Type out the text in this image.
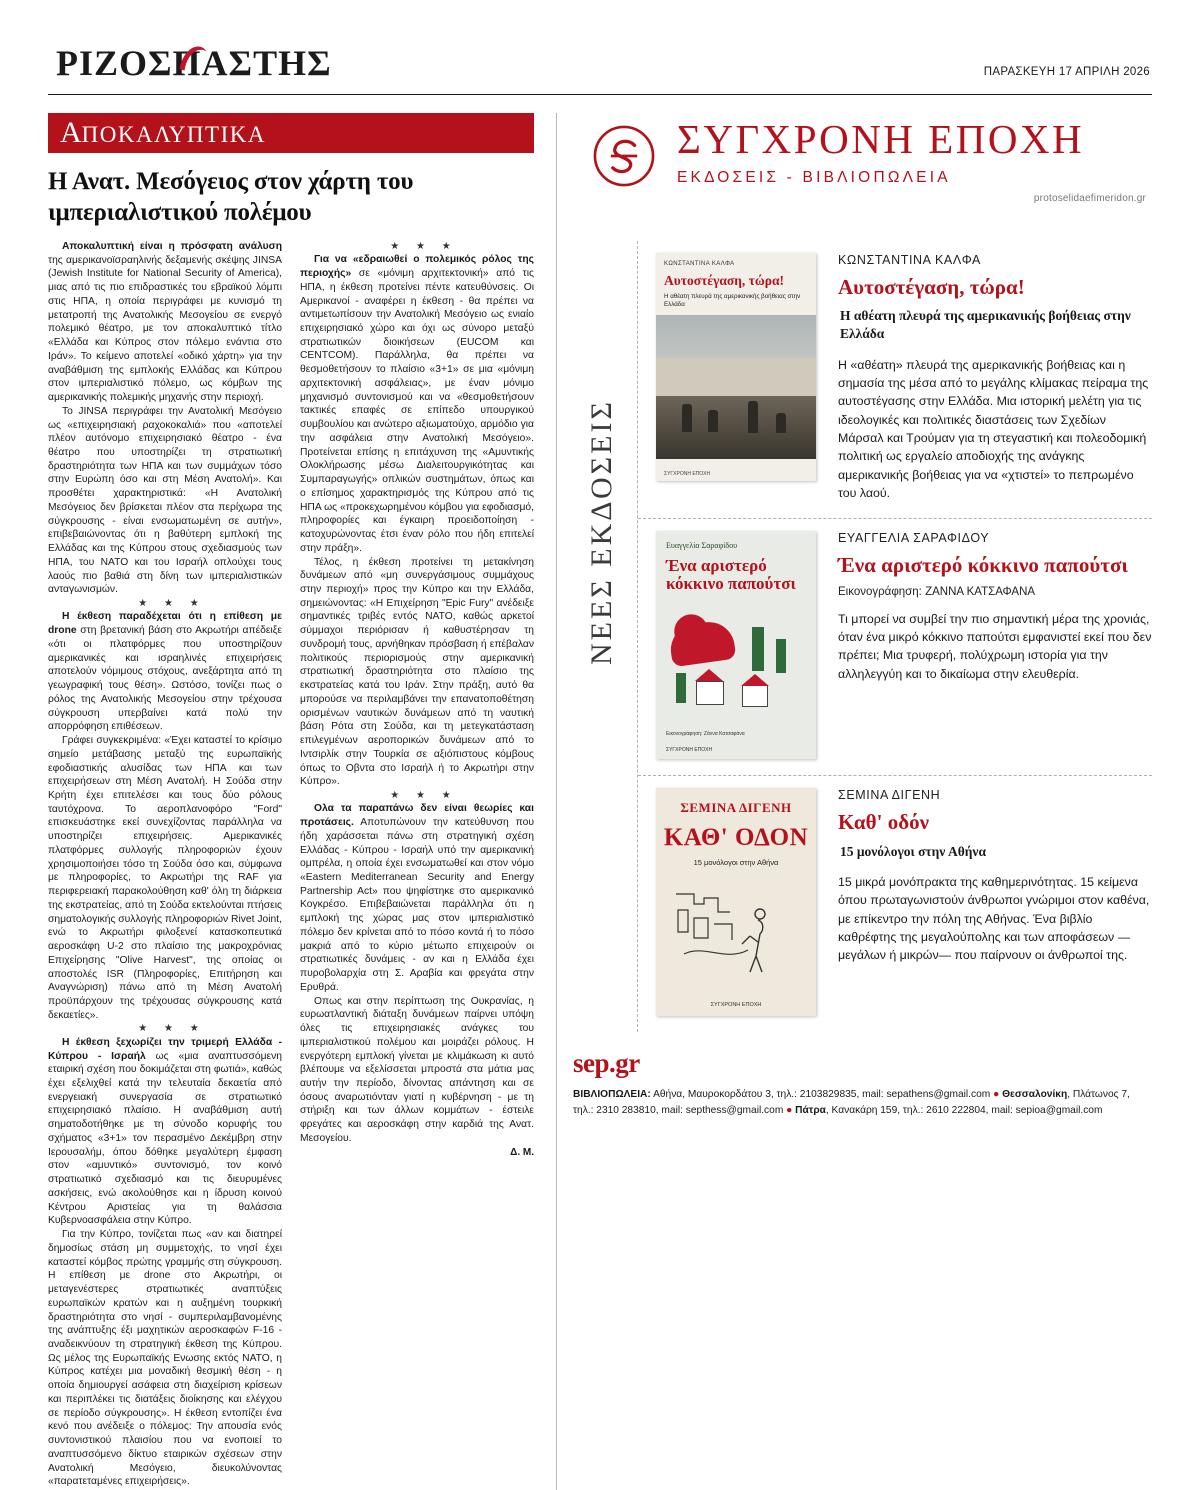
ΡΙΖΟΣΠΑΣΤΗΣ	ΠΑΡΑΣΚΕΥΗ 17 ΑΠΡΙΛΗ 2026
Α ΠΟΚΑΛΥΠΤΙΚΑ
Η Ανατ. Μεσόγειος στον χάρτη του ιμπεριαλιστικού πολέμου

Αποκαλυπτική είναι η πρόσφατη ανάλυση της αμερικανοϊσραηλινής δεξαμενής σκέψης JINSA (Jewish Institute for National Security of America), μιας από τις πιο επιδραστικές του εβραϊκού λόμπι στις ΗΠΑ, η οποία περιγράφει με κυνισμό τη μετατροπή της Ανατολικής Μεσογείου σε ενεργό πολεμικό θέατρο, με τον αποκαλυπτικό τίτλο «Ελλάδα και Κύπρος στον πόλεμο ενάντια στο Ιράν». Το κείμενο αποτελεί «οδικό χάρτη» για την αναβάθμιση της εμπλοκής Ελλάδας και Κύπρου στον ιμπεριαλιστικό πόλεμο, ως κόμβων της αμερικανικής πολεμικής μηχανής στην περιοχή.

Το JINSA περιγράφει την Ανατολική Μεσόγειο ως «επιχειρησιακή ραχοκοκαλιά» που «αποτελεί πλέον αυτόνομο επιχειρησιακό θέατρο - ένα θέατρο που υποστηρίζει τη στρατιωτική δραστηριότητα των ΗΠΑ και των συμμάχων τόσο στην Ευρώπη όσο και στη Μέση Ανατολή». Και προσθέτει χαρακτηριστικά: «Η Ανατολική Μεσόγειος δεν βρίσκεται πλέον στα περίχωρα της σύγκρουσης - είναι ενσωματωμένη σε αυτήν», επιβεβαιώνοντας ότι η βαθύτερη εμπλοκή της Ελλάδας και της Κύπρου στους σχεδιασμούς των ΗΠΑ, του ΝΑΤΟ και του Ισραήλ οπλούχει τους λαούς πιο βαθιά στη δίνη των ιμπεριαλιστικών ανταγωνισμών.

★ ★ ★

Η έκθεση παραδέχεται ότι η επίθεση με drone στη βρετανική βάση στο Ακρωτήρι απέδειξε «ότι οι πλατφόρμες που υποστηρίζουν αμερικανικές και ισραηλινές επιχειρήσεις αποτελούν νόμιμους στόχους, ανεξάρτητα από τη γεωγραφική τους θέση». Ωστόσο, τονίζει πως ο ρόλος της Ανατολικής Μεσογείου στην τρέχουσα σύγκρουση υπερβαίνει κατά πολύ την απορρόφηση επιθέσεων.

Γράφει συγκεκριμένα: «Έχει καταστεί το κρίσιμο σημείο μετάβασης μεταξύ της ευρωπαϊκής εφοδιαστικής αλυσίδας των ΗΠΑ και των επιχειρήσεων στη Μέση Ανατολή. Η Σούδα στην Κρήτη έχει επιτελέσει και τους δύο ρόλους ταυτόχρονα. Το αεροπλανοφόρο "Ford" επισκευάστηκε εκεί συνεχίζοντας παράλληλα να υποστηρίζει επιχειρήσεις. Αμερικανικές πλατφόρμες συλλογής πληροφοριών έχουν χρησιμοποιήσει τόσο τη Σούδα όσο και, σύμφωνα με πληροφορίες, το Ακρωτήρι της RAF για περιφερειακή παρακολούθηση καθ' όλη τη διάρκεια της εκστρατείας, από τη Σούδα εκτελούνται πτήσεις σηματολογικής συλλογής πληροφοριών Rivet Joint, ενώ το Ακρωτήρι φιλοξενεί κατασκοπευτικά αεροσκάφη U-2 στο πλαίσιο της μακροχρόνιας Επιχείρησης "Olive Harvest", της οποίας οι αποστολές ISR (Πληροφορίες, Επιτήρηση και Αναγνώριση) πάνω από τη Μέση Ανατολή προϋπάρχουν της τρέχουσας σύγκρουσης κατά δεκαετίες».

★ ★ ★

Η έκθεση ξεχωρίζει την τριμερή Ελλάδα - Κύπρου - Ισραήλ ως «μια αναπτυσσόμενη εταιρική σχέση που δοκιμάζεται στη φωτιά», καθώς έχει εξελιχθεί κατά την τελευταία δεκαετία από ενεργειακή συνεργασία σε στρατιωτικό επιχειρησιακό πλαίσιο. Η αναβάθμιση αυτή σηματοδοτήθηκε με τη σύνοδο κορυφής του σχήματος «3+1» τον περασμένο Δεκέμβρη στην Ιερουσαλήμ, όπου δόθηκε μεγαλύτερη έμφαση στον «αμυντικό» συντονισμό, τον κοινό στρατιωτικό σχεδιασμό και τις διευρυμένες ασκήσεις, ενώ ακολούθησε και η ίδρυση κοινού Κέντρου Αριστείας για τη θαλάσσια Κυβερνοασφάλεια στην Κύπρο.

Για την Κύπρο, τονίζεται πως «αν και διατηρεί δημοσίως στάση μη συμμετοχής, το νησί έχει καταστεί κόμβος πρώτης γραμμής στη σύγκρουση. Η επίθεση με drone στο Ακρωτήρι, οι μεταγενέστερες στρατιωτικές αναπτύξεις ευρωπαϊκών κρατών και η αυξημένη τουρκική δραστηριότητα στο νησί - συμπεριλαμβανομένης της ανάπτυξης έξι μαχητικών αεροσκαφών F-16 - αναδεικνύουν τη στρατηγική έκθεση της Κύπρου. Ως μέλος της Ευρωπαϊκής Ενωσης εκτός ΝΑΤΟ, η Κύπρος κατέχει μια μοναδική θεσμική θέση - η οποία δημιουργεί ασάφεια στη διαχείριση κρίσεων και περιπλέκει τις διατάξεις διοίκησης και ελέγχου σε περίοδο σύγκρουσης». Η έκθεση εντοπίζει ένα κενό που ανέδειξε ο πόλεμος: Την απουσία ενός συντονιστικού πλαισίου που να ενοποιεί το αναπτυσσόμενο δίκτυο εταιρικών σχέσεων στην Ανατολική Μεσόγειο, διευκολύνοντας «παρατεταμένες επιχειρήσεις».

★ ★ ★

Για να «εδραιωθεί ο πολεμικός ρόλος της περιοχής» σε «μόνιμη αρχιτεκτονική» από τις ΗΠΑ, η έκθεση προτείνει πέντε κατευθύνσεις. Οι Αμερικανοί - αναφέρει η έκθεση - θα πρέπει να αντιμετωπίσουν την Ανατολική Μεσόγειο ως ενιαίο επιχειρησιακό χώρο και όχι ως σύνορο μεταξύ στρατιωτικών διοικήσεων (EUCOM και CENTCOM). Παράλληλα, θα πρέπει να θεσμοθετήσουν το πλαίσιο «3+1» σε μια «μόνιμη αρχιτεκτονική ασφάλειας», με έναν μόνιμο μηχανισμό συντονισμού και να «θεσμοθετήσουν τακτικές επαφές σε επίπεδο υπουργικού συμβουλίου και ανώτερο αξιωματούχο, αρμόδιο για την ασφάλεια στην Ανατολική Μεσόγειο». Προτείνεται επίσης η επιτάχυνση της «Αμυντικής Ολοκλήρωσης μέσω Διαλειτουργικότητας και Συμπαραγωγής» οπλικών συστημάτων, όπως και ο επίσημος χαρακτηρισμός της Κύπρου από τις ΗΠΑ ως «προκεχωρημένου κόμβου για εφοδιασμό, πληροφορίες και έγκαιρη προειδοποίηση - κατοχυρώνοντας έτσι έναν ρόλο που ήδη επιτελεί στην πράξη».

Τέλος, η έκθεση προτείνει τη μετακίνηση δυνάμεων από «μη συνεργάσιμους συμμάχους στην περιοχή» προς την Κύπρο και την Ελλάδα, σημειώνοντας: «Η Επιχείρηση "Epic Fury" ανέδειξε σημαντικές τριβές εντός ΝΑΤΟ, καθώς αρκετοί σύμμαχοι περιόρισαν ή καθυστέρησαν τη συνδρομή τους, αρνήθηκαν πρόσβαση ή επέβαλαν πολιτικούς περιορισμούς στην αμερικανική στρατιωτική δραστηριότητα στο πλαίσιο της εκστρατείας κατά του Ιράν. Στην πράξη, αυτό θα μπορούσε να περιλαμβάνει την επανατοποθέτηση ορισμένων ναυτικών δυνάμεων από τη ναυτική βάση Ρότα στη Σούδα, και τη μετεγκατάσταση επιλεγμένων αεροπορικών δυνάμεων από το Ιντσιρλίκ στην Τουρκία σε αξιόπιστους κόμβους όπως το Οβντα στο Ισραήλ ή το Ακρωτήρι στην Κύπρο».

★ ★ ★

Ολα τα παραπάνω δεν είναι θεωρίες και προτάσεις. Αποτυπώνουν την κατεύθυνση που ήδη χαράσσεται πάνω στη στρατηγική σχέση Ελλάδας - Κύπρου - Ισραήλ υπό την αμερικανική ομπρέλα, η οποία έχει ενσωματωθεί και στον νόμο «Eastern Mediterranean Security and Energy Partnership Act» που ψηφίστηκε στο αμερικανικό Κογκρέσο. Επιβεβαιώνεται παράλληλα ότι η εμπλοκή της χώρας μας στον ιμπεριαλιστικό πόλεμο δεν κρίνεται από το πόσο κοντά ή το πόσο μακριά από το κύριο μέτωπο επιχειρούν οι στρατιωτικές δυνάμεις - αν και η Ελλάδα έχει πυροβολαρχία στη Σ. Αραβία και φρεγάτα στην Ερυθρά.

Οπως και στην περίπτωση της Ουκρανίας, η ευρωατλαντική διάταξη δυνάμεων παίρνει υπόψη όλες τις επιχειρησιακές ανάγκες του ιμπεριαλιστικού πολέμου και μοιράζει ρόλους. Η ενεργότερη εμπλοκή γίνεται με κλιμάκωση κι αυτό βλέπουμε να εξελίσσεται μπροστά στα μάτια μας αυτήν την περίοδο, δίνοντας απάντηση και σε όσους αναρωτιόνταν γιατί η κυβέρνηση - με τη στήριξη και των άλλων κομμάτων - έστειλε φρεγάτες και αεροσκάφη στην καρδιά της Ανατ. Μεσογείου.

Δ. Μ.

ΣΥΓΧΡΟΝΗ ΕΠΟΧΗ
ΕΚΔΟΣΕΙΣ - ΒΙΒΛΙΟΠΩΛΕΙΑ
protoselidaefimeridon.gr
ΝΕΕΣ ΕΚΔΟΣΕΙΣ
ΚΩΝΣΤΑΝΤΙΝΑ ΚΑΛΦΑ
Αυτοστέγαση, τώρα!
Η αθέατη πλευρά της αμερικανικής βοήθειας στην Ελλάδα
ΣΥΓΧΡΟΝΗ ΕΠΟΧΗ
ΚΩΝΣΤΑΝΤΙΝΑ ΚΑΛΦΑ
Αυτοστέγαση, τώρα!
Η αθέατη πλευρά της αμερικανικής βοήθειας στην Ελλάδα
Η «αθέατη» πλευρά της αμερικανικής βοήθειας και η σημασία της μέσα από το μεγάλης κλίμακας πείραμα της αυτοστέγασης στην Ελλάδα. Μια ιστορική μελέτη για τις ιδεολογικές και πολιτικές διαστάσεις των Σχεδίων Μάρσαλ και Τρούμαν για τη στεγαστική και πολεοδομική πολιτική ως εργαλείο αποδιοχής της ανάγκης αμερικανικής βοήθειας για να «χτιστεί» το πεπρωμένο του λαού.
Ευαγγελία Σαραφίδου
Ένα αριστερό κόκκινο παπούτσι
Εικονογράφηση: Ζάννα Κατσαφάνα
ΣΥΓΧΡΟΝΗ ΕΠΟΧΗ
ΕΥΑΓΓΕΛΙΑ ΣΑΡΑΦΙΔΟΥ
Ένα αριστερό κόκκινο παπούτσι
Εικονογράφηση: ΖΑΝΝΑ ΚΑΤΣΑΦΑΝΑ
Τι μπορεί να συμβεί την πιο σημαντική μέρα της χρονιάς, όταν ένα μικρό κόκκινο παπούτσι εμφανιστεί εκεί που δεν πρέπει; Μια τρυφερή, πολύχρωμη ιστορία για την αλληλεγγύη και το δικαίωμα στην ελευθερία.
ΣΕΜΙΝΑ ΔΙΓΕΝΗ
ΚΑΘ' ΟΔΟΝ
15 μονόλογοι στην Αθήνα
ΣΥΓΧΡΟΝΗ ΕΠΟΧΗ
ΣΕΜΙΝΑ ΔΙΓΕΝΗ
Καθ' οδόν
15 μονόλογοι στην Αθήνα
15 μικρά μονόπρακτα της καθημερινότητας. 15 κείμενα όπου πρωταγωνιστούν άνθρωποι γνώριμοι στον καθένα, με επίκεντρο την πόλη της Αθήνας. Ένα βιβλίο καθρέφτης της μεγαλούπολης και των αποφάσεων —μεγάλων ή μικρών— που παίρνουν οι άνθρωποί της.
sep.gr
ΒΙΒΛΙΟΠΩΛΕΙΑ: Αθήνα, Μαυροκορδάτου 3, τηλ.: 2103829835, mail: sepathens@gmail.com ● Θεσσαλονίκη, Πλάτωνος 7, τηλ.: 2310 283810, mail: septhess@gmail.com ● Πάτρα, Κανακάρη 159, τηλ.: 2610 222804, mail: sepioa@gmail.com
